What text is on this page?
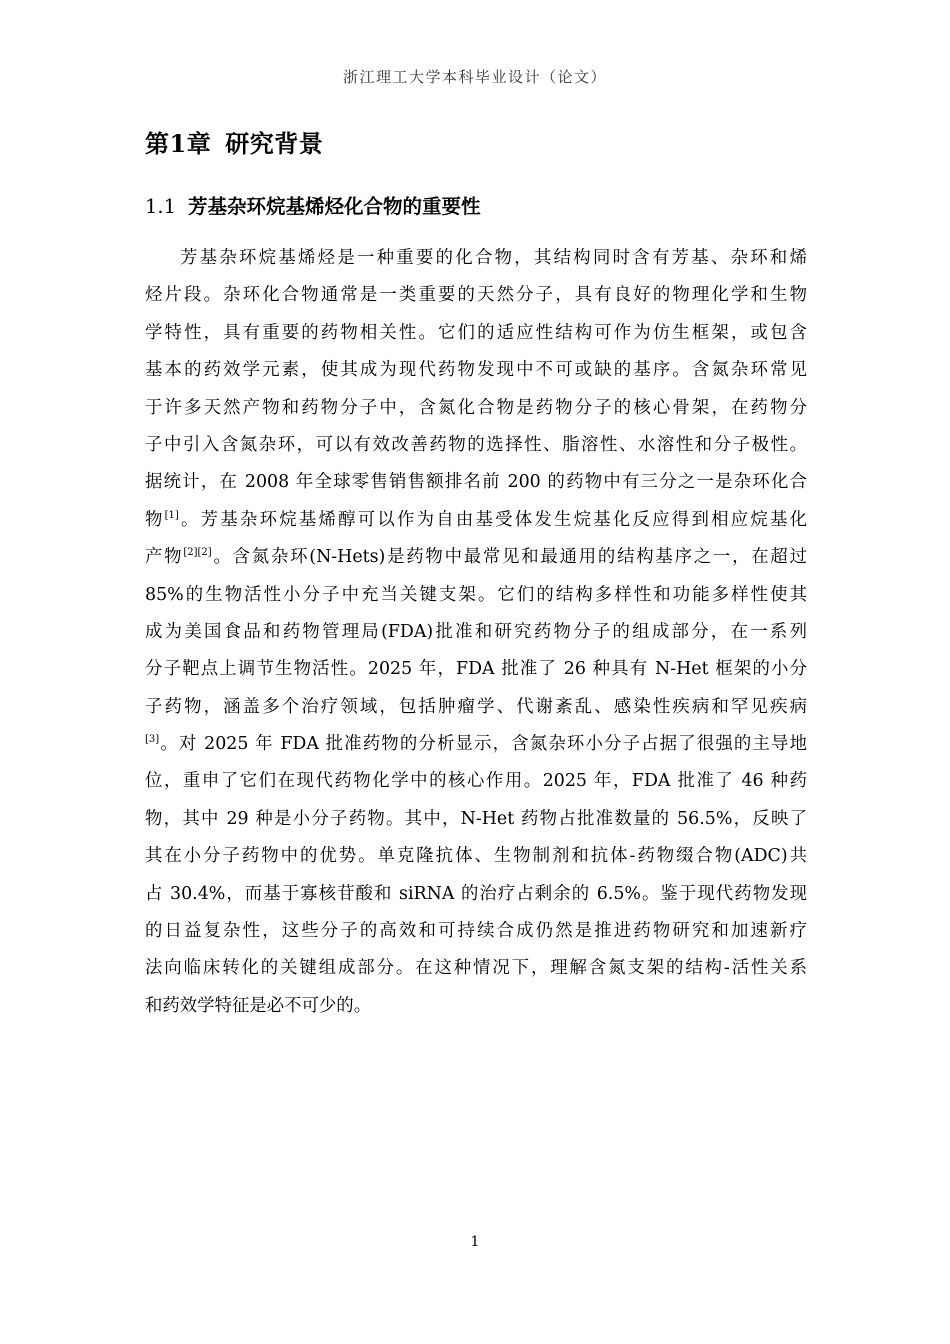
浙江理工大学本科毕业设计（论文）
第1章 研究背景
1.1 芳基杂环烷基烯烃化合物的重要性
芳基杂环烷基烯烃是一种重要的化合物，其结构同时含有芳基、杂环和烯
烃片段。杂环化合物通常是一类重要的天然分子，具有良好的物理化学和生物
学特性，具有重要的药物相关性。它们的适应性结构可作为仿生框架，或包含
基本的药效学元素，使其成为现代药物发现中不可或缺的基序。含氮杂环常见
于许多天然产物和药物分子中，含氮化合物是药物分子的核心骨架，在药物分
子中引入含氮杂环，可以有效改善药物的选择性、脂溶性、水溶性和分子极性。
据统计，在 2008 年全球零售销售额排名前 200 的药物中有三分之一是杂环化合
物[1]。芳基杂环烷基烯醇可以作为自由基受体发生烷基化反应得到相应烷基化
产物[2][2]。含氮杂环(N-Hets)是药物中最常见和最通用的结构基序之一，在超过
85%的生物活性小分子中充当关键支架。它们的结构多样性和功能多样性使其
成为美国食品和药物管理局(FDA)批准和研究药物分子的组成部分，在一系列
分子靶点上调节生物活性。2025 年，FDA 批准了 26 种具有 N-Het 框架的小分
子药物，涵盖多个治疗领域，包括肿瘤学、代谢紊乱、感染性疾病和罕见疾病
[3]。对 2025 年 FDA 批准药物的分析显示，含氮杂环小分子占据了很强的主导地
位，重申了它们在现代药物化学中的核心作用。2025 年，FDA 批准了 46 种药
物，其中 29 种是小分子药物。其中，N-Het 药物占批准数量的 56.5%，反映了
其在小分子药物中的优势。单克隆抗体、生物制剂和抗体-药物缀合物(ADC)共
占 30.4%，而基于寡核苷酸和 siRNA 的治疗占剩余的 6.5%。鉴于现代药物发现
的日益复杂性，这些分子的高效和可持续合成仍然是推进药物研究和加速新疗
法向临床转化的关键组成部分。在这种情况下，理解含氮支架的结构-活性关系
和药效学特征是必不可少的。
1
